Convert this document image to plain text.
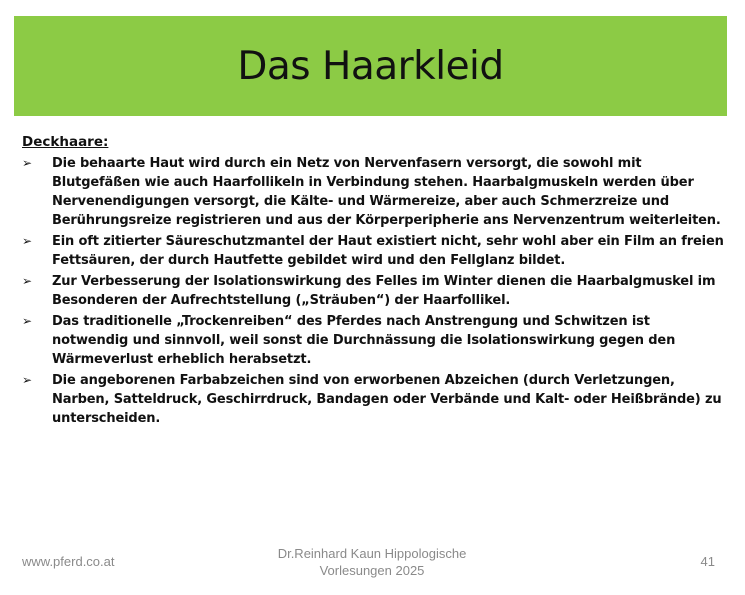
Das Haarkleid
Deckhaare:
➢	Die behaarte Haut wird durch ein Netz von Nervenfasern versorgt, die sowohl mit Blutgefäßen wie auch Haarfollikeln in Verbindung stehen. Haarbalgmuskeln werden über Nervenendigungen versorgt, die Kälte- und Wärmereize, aber auch Schmerzreize und Berührungsreize registrieren und aus der Körperperipherie ans Nervenzentrum weiterleiten.
➢	Ein oft zitierter Säureschutzmantel der Haut existiert nicht, sehr wohl aber ein Film an freien Fettsäuren, der durch Hautfette gebildet wird und den Fellglanz bildet.
➢	Zur Verbesserung der Isolationswirkung des Felles im Winter dienen die Haarbalgmuskel im Besonderen der Aufrechtstellung („Sträuben“) der Haarfollikel.
➢	Das traditionelle „Trockenreiben“ des Pferdes nach Anstrengung und Schwitzen ist notwendig und sinnvoll, weil sonst die Durchnässung die Isolationswirkung gegen den Wärmeverlust erheblich herabsetzt.
➢	Die angeborenen Farbabzeichen sind von erworbenen Abzeichen (durch Verletzungen, Narben, Satteldruck, Geschirrdruck, Bandagen oder Verbände und Kalt- oder Heißbrände) zu unterscheiden.
www.pferd.co.at
Dr.Reinhard Kaun Hippologische
Vorlesungen 2025
41
